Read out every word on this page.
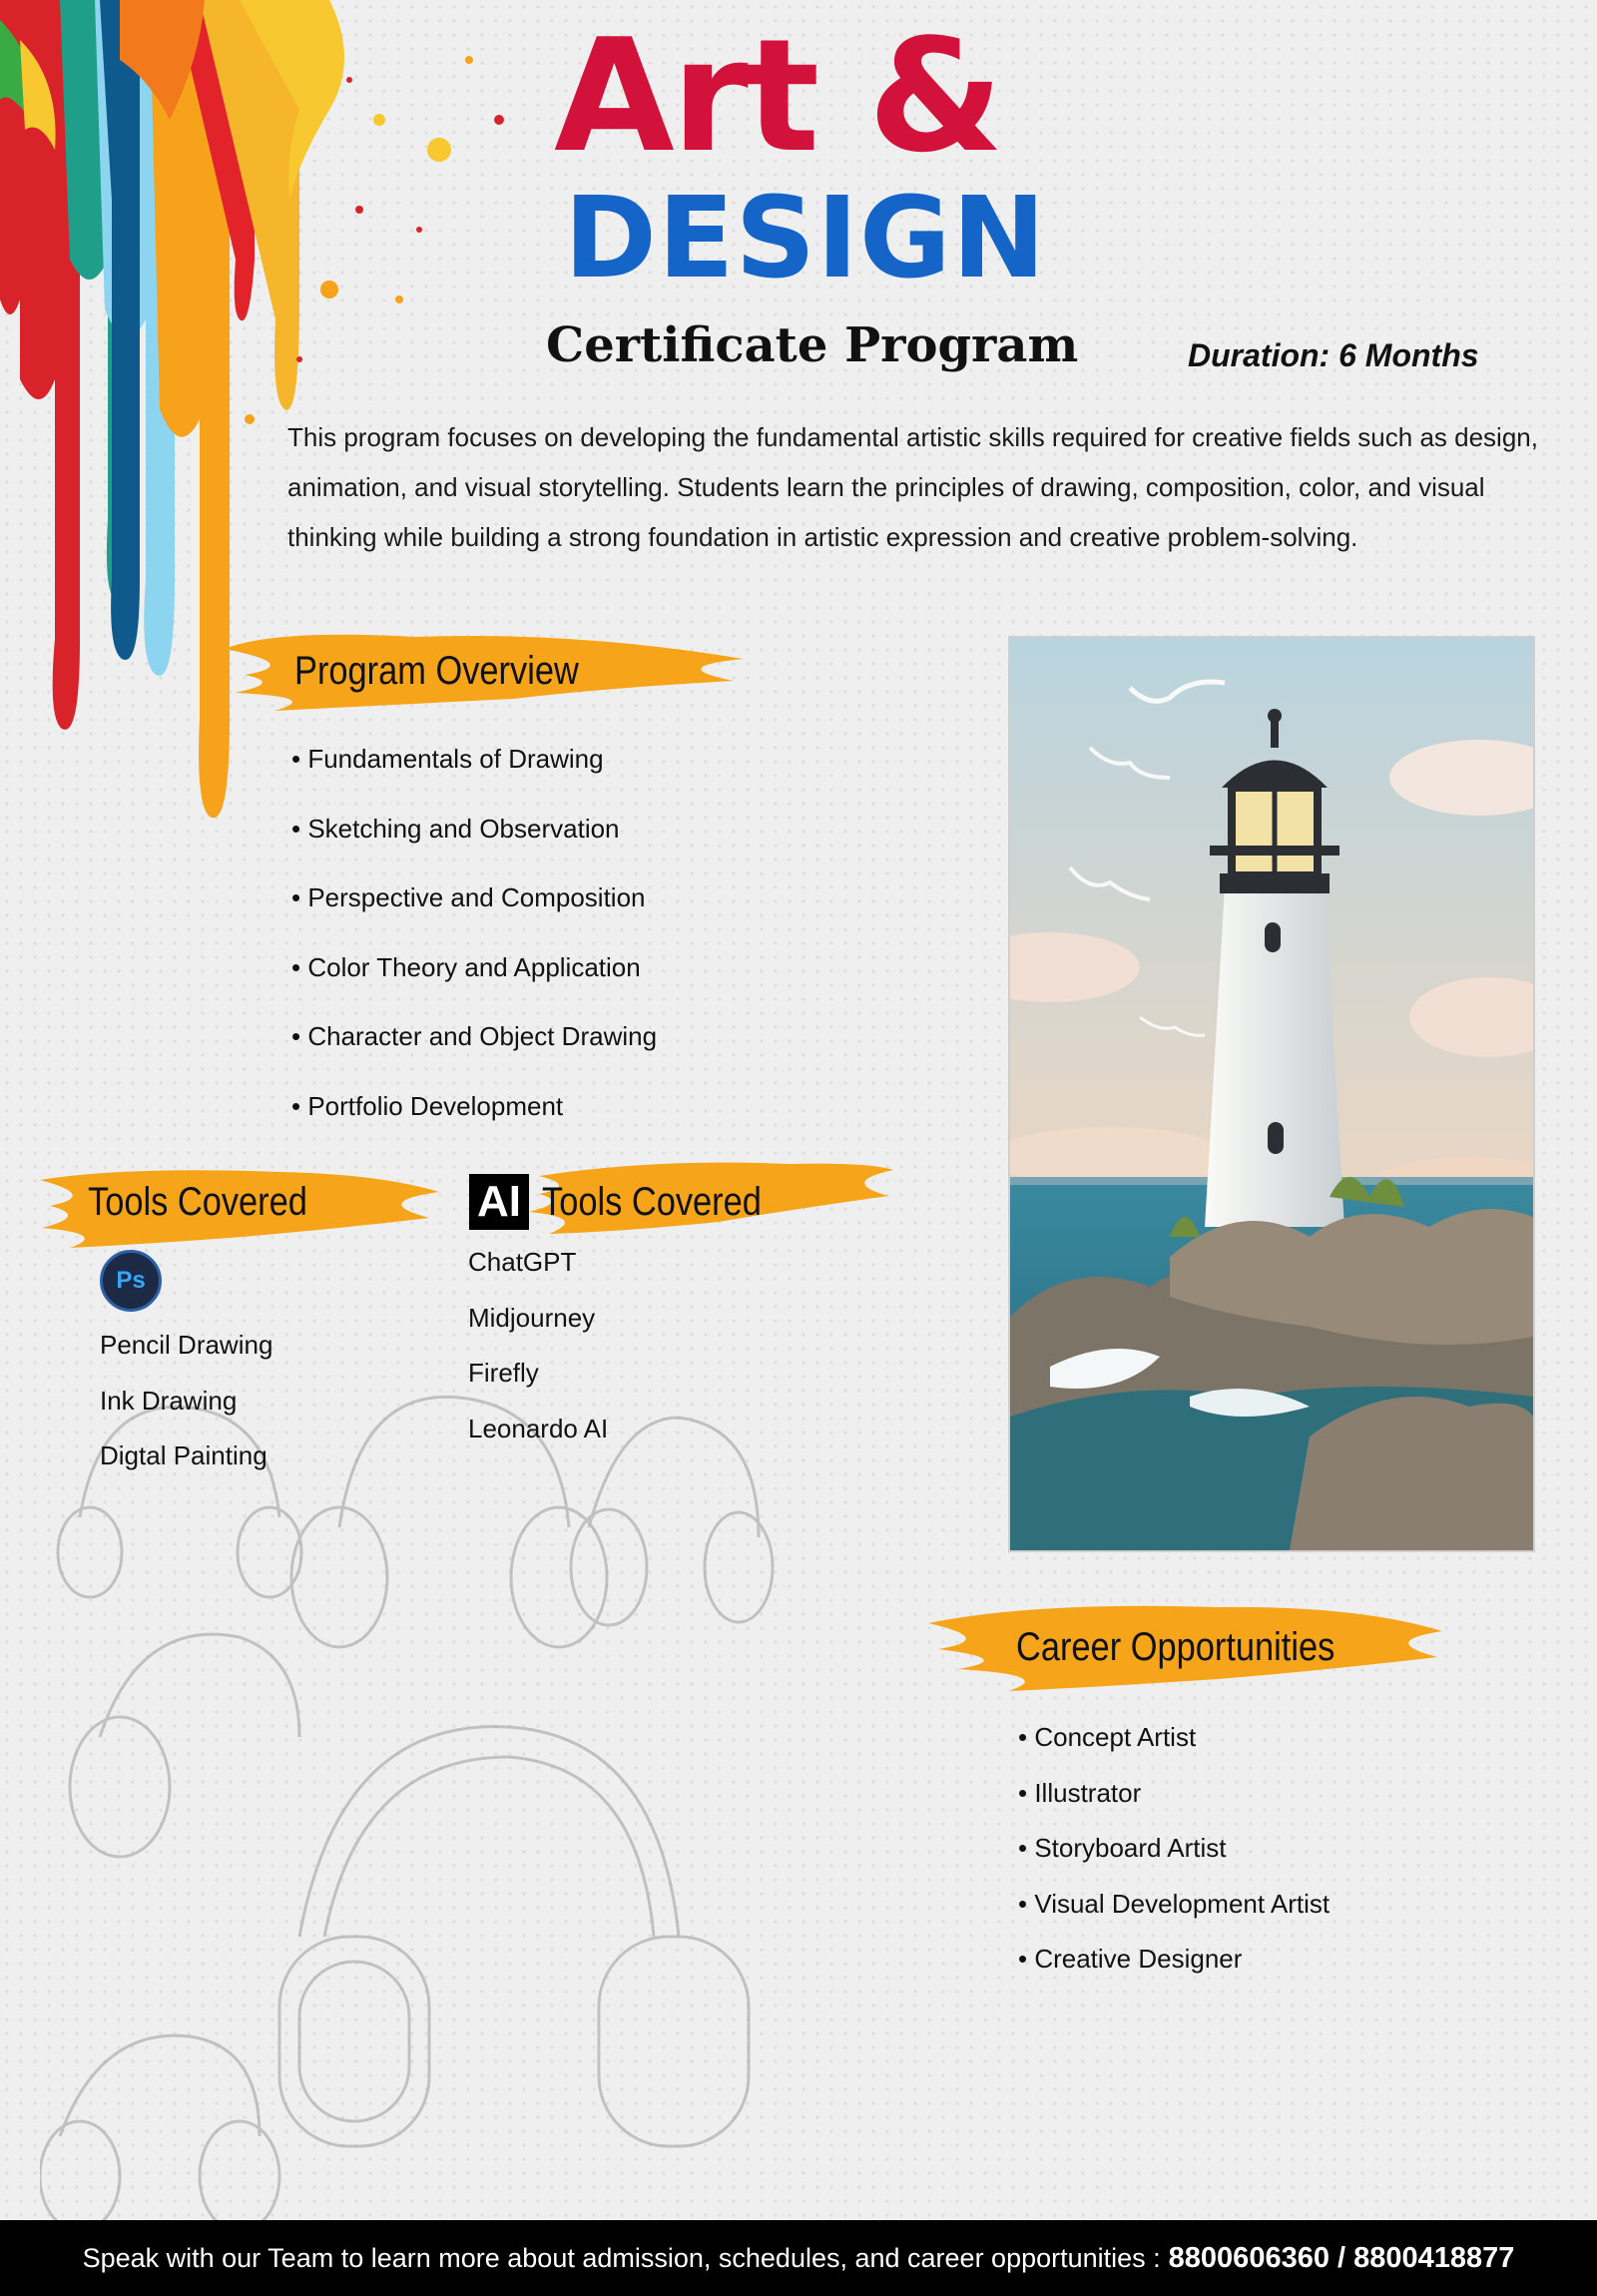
Art &
DESIGN
Certificate Program	Duration: 6 Months

This program focuses on developing the fundamental artistic skills required for creative fields such as design, animation, and visual storytelling. Students learn the principles of drawing, composition, color, and visual thinking while building a strong foundation in artistic expression and creative problem-solving.

Program Overview
• Fundamentals of Drawing
• Sketching and Observation
• Perspective and Composition
• Color Theory and Application
• Character and Object Drawing
• Portfolio Development
Tools Covered
Ps
Pencil Drawing
Ink Drawing
Digtal Painting
Tools Covered
AI
ChatGPT
Midjourney
Firefly
Leonardo AI
Career Opportunities
• Concept Artist
• Illustrator
• Storyboard Artist
• Visual Development Artist
• Creative Designer
Speak with our Team to learn more about admission, schedules, and career opportunities : 8800606360 / 8800418877
